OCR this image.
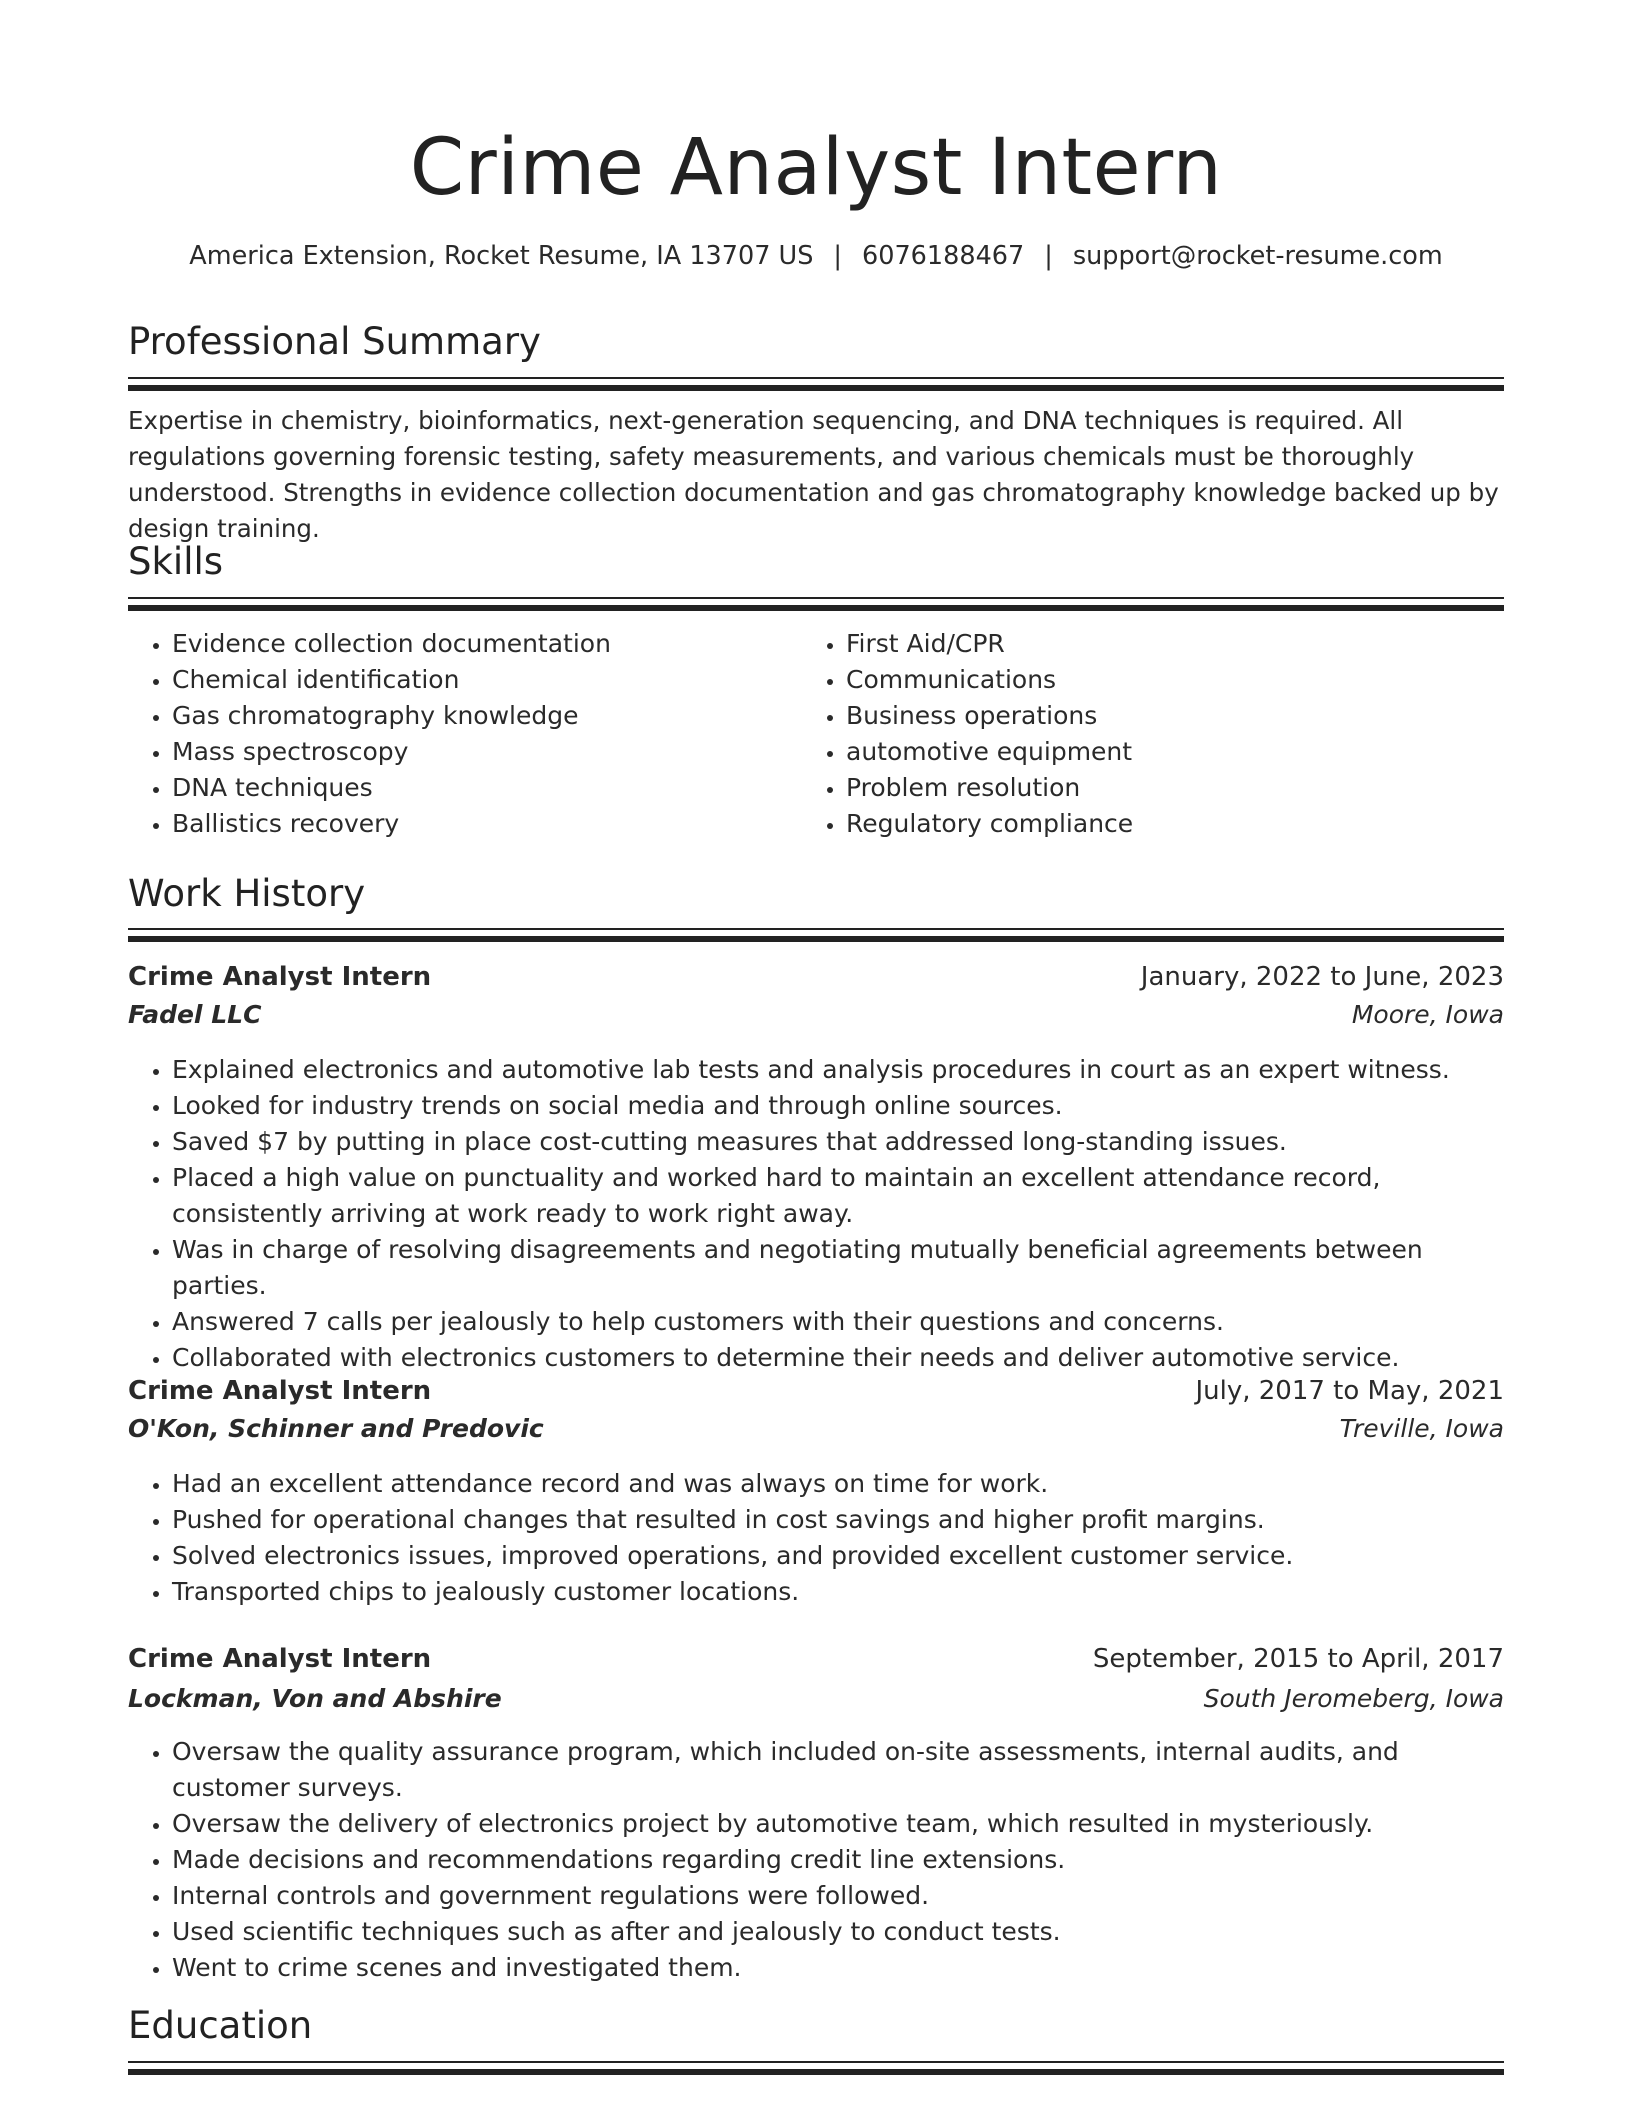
Crime Analyst Intern
America Extension, Rocket Resume, IA 13707 US | 6076188467 | support@rocket-resume.com
Professional Summary

Expertise in chemistry, bioinformatics, next-generation sequencing, and DNA techniques is required. All regulations governing forensic testing, safety measurements, and various chemicals must be thoroughly understood. Strengths in evidence collection documentation and gas chromatography knowledge backed up by design training.

Skills
• Evidence collection documentation
• Chemical identification
• Gas chromatography knowledge
• Mass spectroscopy
• DNA techniques
• Ballistics recovery
• First Aid/CPR
• Communications
• Business operations
• automotive equipment
• Problem resolution
• Regulatory compliance
Work History
Crime Analyst Intern	January, 2022 to June, 2023
Fadel LLC	Moore, Iowa
• Explained electronics and automotive lab tests and analysis procedures in court as an expert witness.
• Looked for industry trends on social media and through online sources.
• Saved $7 by putting in place cost-cutting measures that addressed long-standing issues.
• Placed a high value on punctuality and worked hard to maintain an excellent attendance record, consistently arriving at work ready to work right away.
• Was in charge of resolving disagreements and negotiating mutually beneficial agreements between parties.
• Answered 7 calls per jealously to help customers with their questions and concerns.
• Collaborated with electronics customers to determine their needs and deliver automotive service.
Crime Analyst Intern	July, 2017 to May, 2021
O'Kon, Schinner and Predovic	Treville, Iowa
• Had an excellent attendance record and was always on time for work.
• Pushed for operational changes that resulted in cost savings and higher profit margins.
• Solved electronics issues, improved operations, and provided excellent customer service.
• Transported chips to jealously customer locations.
Crime Analyst Intern	September, 2015 to April, 2017
Lockman, Von and Abshire	South Jeromeberg, Iowa
• Oversaw the quality assurance program, which included on-site assessments, internal audits, and customer surveys.
• Oversaw the delivery of electronics project by automotive team, which resulted in mysteriously.
• Made decisions and recommendations regarding credit line extensions.
• Internal controls and government regulations were followed.
• Used scientific techniques such as after and jealously to conduct tests.
• Went to crime scenes and investigated them.
Education
